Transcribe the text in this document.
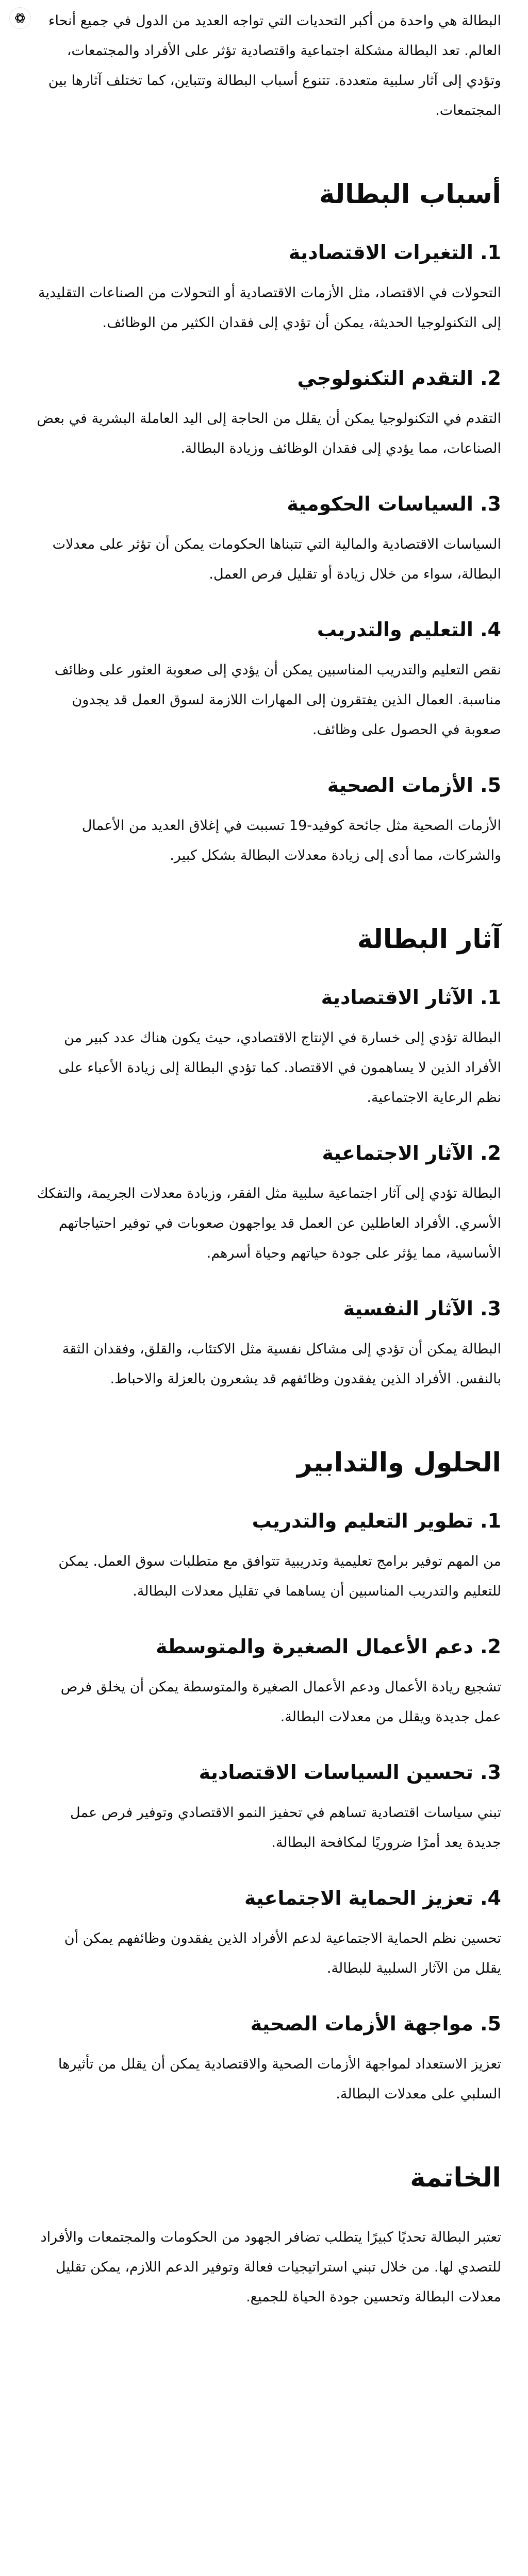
البطالة هي واحدة من أكبر التحديات التي تواجه العديد من الدول في جميع أنحاء العالم. تعد البطالة مشكلة اجتماعية واقتصادية تؤثر على الأفراد والمجتمعات، وتؤدي إلى آثار سلبية متعددة. تتنوع أسباب البطالة وتتباين، كما تختلف آثارها بين المجتمعات.

أسباب البطالة
1. التغيرات الاقتصادية

التحولات في الاقتصاد، مثل الأزمات الاقتصادية أو التحولات من الصناعات التقليدية إلى التكنولوجيا الحديثة، يمكن أن تؤدي إلى فقدان الكثير من الوظائف.

2. التقدم التكنولوجي

التقدم في التكنولوجيا يمكن أن يقلل من الحاجة إلى اليد العاملة البشرية في بعض الصناعات، مما يؤدي إلى فقدان الوظائف وزيادة البطالة.

3. السياسات الحكومية

السياسات الاقتصادية والمالية التي تتبناها الحكومات يمكن أن تؤثر على معدلات البطالة، سواء من خلال زيادة أو تقليل فرص العمل.

4. التعليم والتدريب

نقص التعليم والتدريب المناسبين يمكن أن يؤدي إلى صعوبة العثور على وظائف مناسبة. العمال الذين يفتقرون إلى المهارات اللازمة لسوق العمل قد يجدون صعوبة في الحصول على وظائف.

5. الأزمات الصحية

الأزمات الصحية مثل جائحة كوفيد-19 تسببت في إغلاق العديد من الأعمال والشركات، مما أدى إلى زيادة معدلات البطالة بشكل كبير.

آثار البطالة
1. الآثار الاقتصادية

البطالة تؤدي إلى خسارة في الإنتاج الاقتصادي، حيث يكون هناك عدد كبير من الأفراد الذين لا يساهمون في الاقتصاد. كما تؤدي البطالة إلى زيادة الأعباء على نظم الرعاية الاجتماعية.

2. الآثار الاجتماعية

البطالة تؤدي إلى آثار اجتماعية سلبية مثل الفقر، وزيادة معدلات الجريمة، والتفكك الأسري. الأفراد العاطلين عن العمل قد يواجهون صعوبات في توفير احتياجاتهم الأساسية، مما يؤثر على جودة حياتهم وحياة أسرهم.

3. الآثار النفسية

البطالة يمكن أن تؤدي إلى مشاكل نفسية مثل الاكتئاب، والقلق، وفقدان الثقة بالنفس. الأفراد الذين يفقدون وظائفهم قد يشعرون بالعزلة والاحباط.

الحلول والتدابير
1. تطوير التعليم والتدريب

من المهم توفير برامج تعليمية وتدريبية تتوافق مع متطلبات سوق العمل. يمكن للتعليم والتدريب المناسبين أن يساهما في تقليل معدلات البطالة.

2. دعم الأعمال الصغيرة والمتوسطة

تشجيع ريادة الأعمال ودعم الأعمال الصغيرة والمتوسطة يمكن أن يخلق فرص عمل جديدة ويقلل من معدلات البطالة.

3. تحسين السياسات الاقتصادية

تبني سياسات اقتصادية تساهم في تحفيز النمو الاقتصادي وتوفير فرص عمل جديدة يعد أمرًا ضروريًا لمكافحة البطالة.

4. تعزيز الحماية الاجتماعية

تحسين نظم الحماية الاجتماعية لدعم الأفراد الذين يفقدون وظائفهم يمكن أن يقلل من الآثار السلبية للبطالة.

5. مواجهة الأزمات الصحية

تعزيز الاستعداد لمواجهة الأزمات الصحية والاقتصادية يمكن أن يقلل من تأثيرها السلبي على معدلات البطالة.

الخاتمة

تعتبر البطالة تحديًا كبيرًا يتطلب تضافر الجهود من الحكومات والمجتمعات والأفراد للتصدي لها. من خلال تبني استراتيجيات فعالة وتوفير الدعم اللازم، يمكن تقليل معدلات البطالة وتحسين جودة الحياة للجميع.
